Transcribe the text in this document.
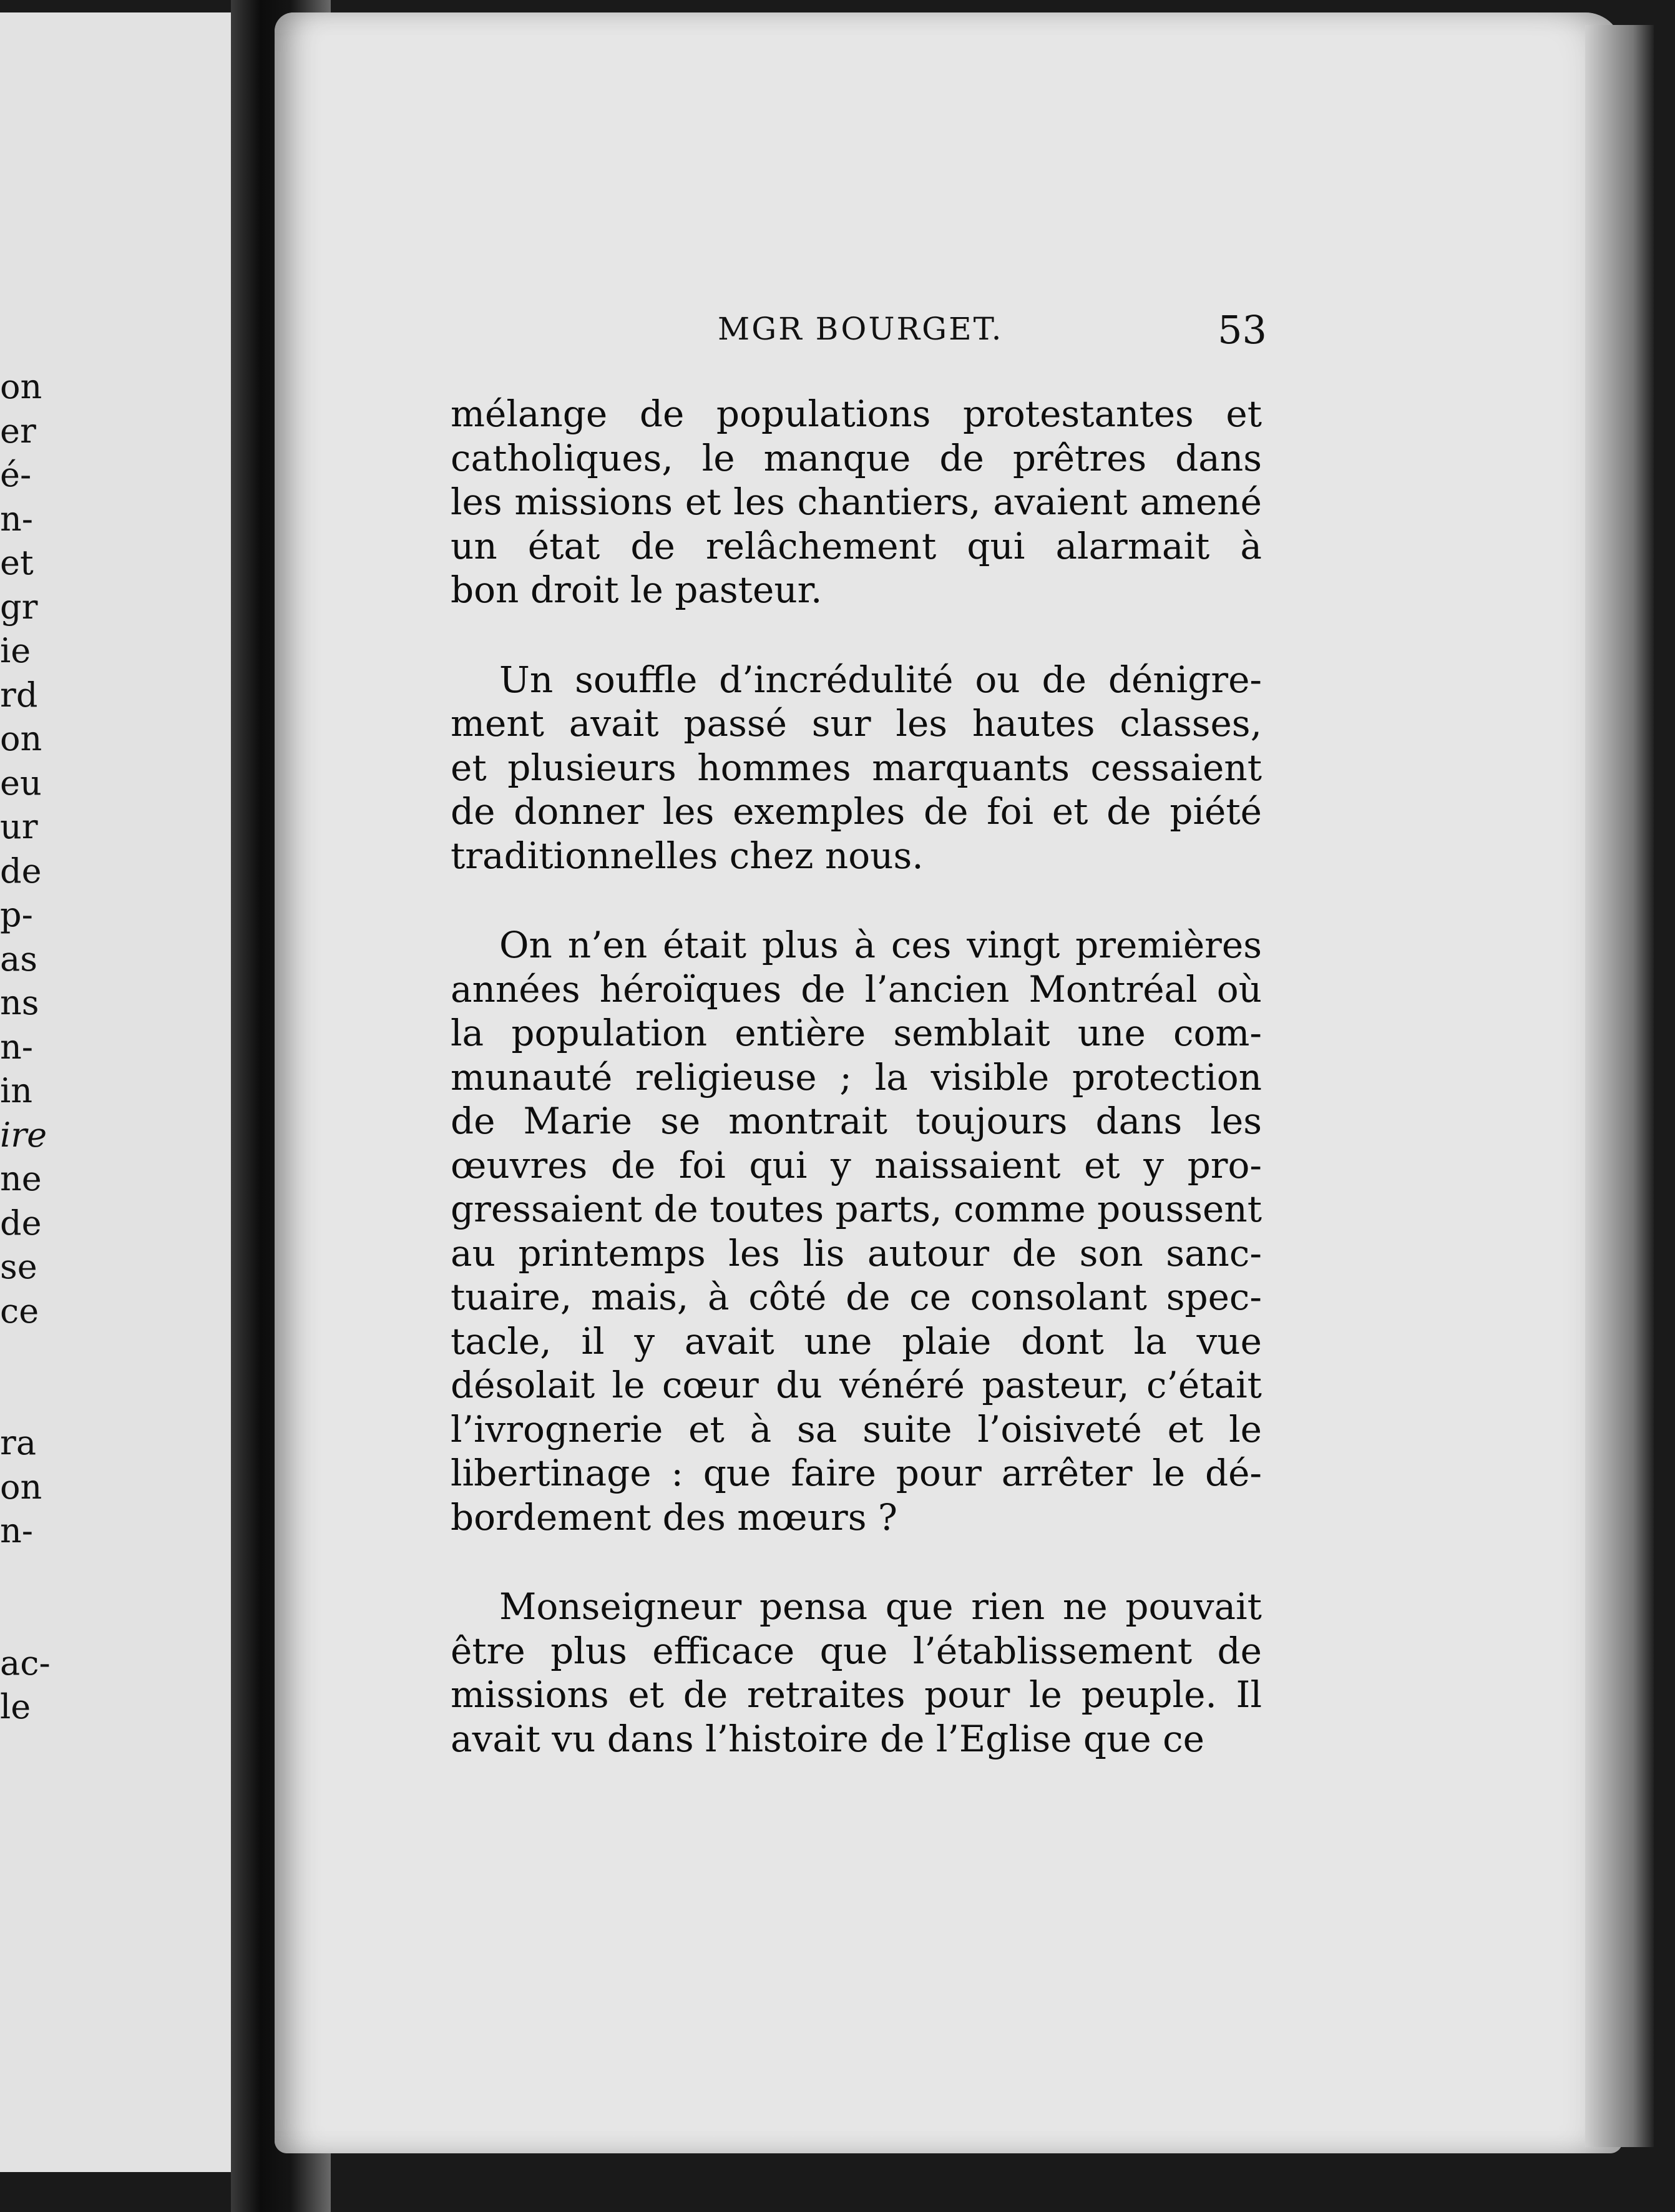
on
er
é-
n-
et
gr
ie
rd
on
eu
ur
de
p-
as
ns
n-
in
ire
ne
de
se
ce
ra
on
n-
ac-
le
MGR BOURGET.	53
mélange de populations protestantes et
catholiques, le manque de prêtres dans
les missions et les chantiers, avaient amené
un état de relâchement qui alarmait à
bon droit le pasteur.
Un souffle d’incrédulité ou de dénigre-
ment avait passé sur les hautes classes,
et plusieurs hommes marquants cessaient
de donner les exemples de foi et de piété
traditionnelles chez nous.
On n’en était plus à ces vingt premières
années héroïques de l’ancien Montréal où
la population entière semblait une com-
munauté religieuse ; la visible protection
de Marie se montrait toujours dans les
œuvres de foi qui y naissaient et y pro-
gressaient de toutes parts, comme poussent
au printemps les lis autour de son sanc-
tuaire, mais, à côté de ce consolant spec-
tacle, il y avait une plaie dont la vue
désolait le cœur du vénéré pasteur, c’était
l’ivrognerie et à sa suite l’oisiveté et le
libertinage : que faire pour arrêter le dé-
bordement des mœurs ?
Monseigneur pensa que rien ne pouvait
être plus efficace que l’établissement de
missions et de retraites pour le peuple. Il
avait vu dans l’histoire de l’Eglise que ce
